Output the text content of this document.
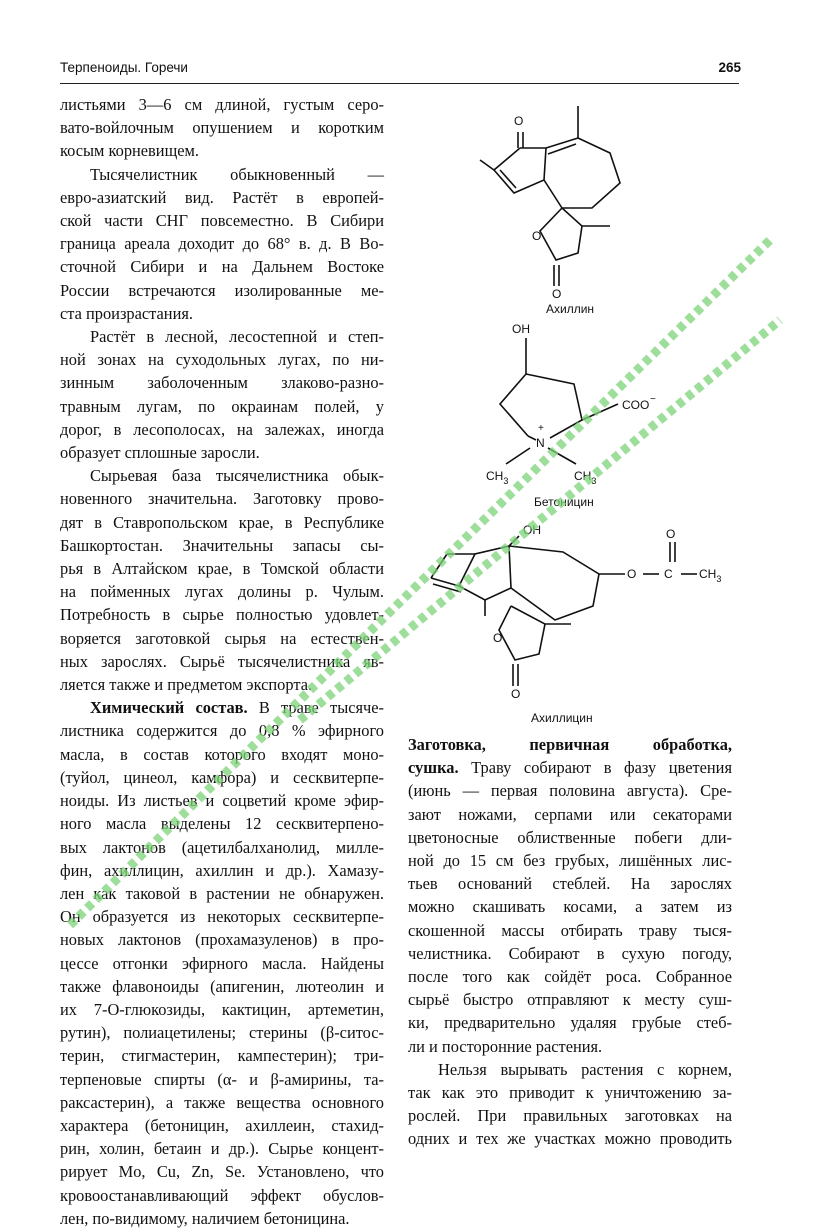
Терпеноиды. Горечи	265
листьями 3—6 см длиной, густым серо-
вато-войлочным опушением и коротким
косым корневищем.
Тысячелистник обыкновенный —
евро-азиатский вид. Растёт в европей-
ской части СНГ повсеместно. В Сибири
граница ареала доходит до 68° в. д. В Во-
сточной Сибири и на Дальнем Востоке
России встречаются изолированные ме-
ста произрастания.
Растёт в лесной, лесостепной и степ-
ной зонах на суходольных лугах, по ни-
зинным заболоченным злаково-разно-
травным лугам, по окраинам полей, у
дорог, в лесополосах, на залежах, иногда
образует сплошные заросли.
Сырьевая база тысячелистника обык-
новенного значительна. Заготовку прово-
дят в Ставропольском крае, в Республике
Башкортостан. Значительны запасы сы-
рья в Алтайском крае, в Томской области
на пойменных лугах долины р. Чулым.
Потребность в сырье полностью удовлет-
воряется заготовкой сырья на естествен-
ных зарослях. Сырьё тысячелистника яв-
ляется также и предметом экспорта.
Химический состав. В траве тысяче-
листника содержится до 0,8 % эфирного
масла, в состав которого входят моно-
(туйол, цинеол, камфора) и сесквитерпе-
ноиды. Из листьев и соцветий кроме эфир-
ного масла выделены 12 сесквитерпено-
вых лактонов (ацетилбалханолид, милле-
фин, ахиллицин, ахиллин и др.). Хамазу-
лен как таковой в растении не обнаружен.
Он образуется из некоторых сесквитерпе-
новых лактонов (прохамазуленов) в про-
цессе отгонки эфирного масла. Найдены
также флавоноиды (апигенин, лютеолин и
их 7-О-глюкозиды, кактицин, артеметин,
рутин), полиацетилены; стерины (β-ситос-
терин, стигмастерин, кампестерин); три-
терпеновые спирты (α- и β-амирины, та-
раксастерин), а также вещества основного
характера (бетоницин, ахиллеин, стахид-
рин, холин, бетаин и др.). Сырье концент-
рирует Mo, Cu, Zn, Se. Установлено, что
кровоостанавливающий эффект обуслов-
лен, по-видимому, наличием бетоницина.
Заготовка, первичная обработка,
сушка. Траву собирают в фазу цветения
(июнь — первая половина августа). Сре-
зают ножами, серпами или секаторами
цветоносные облиственные побеги дли-
ной до 15 см без грубых, лишённых лис-
тьев оснований стеблей. На зарослях
можно скашивать косами, а затем из
скошенной массы отбирать траву тыся-
челистника. Собирают в сухую погоду,
после того как сойдёт роса. Собранное
сырьё быстро отправляют к месту суш-
ки, предварительно удаляя грубые стеб-
ли и посторонние растения.
Нельзя вырывать растения с корнем,
так как это приводит к уничтожению за-
рослей. При правильных заготовках на
одних и тех же участках можно проводить
O
O
O
Ахиллин
OH
COO −
N
+
$CH_3$	$CH_3$
Бетоницин
OH
O C
O
$CH_3$
O
O
Ахиллицин
